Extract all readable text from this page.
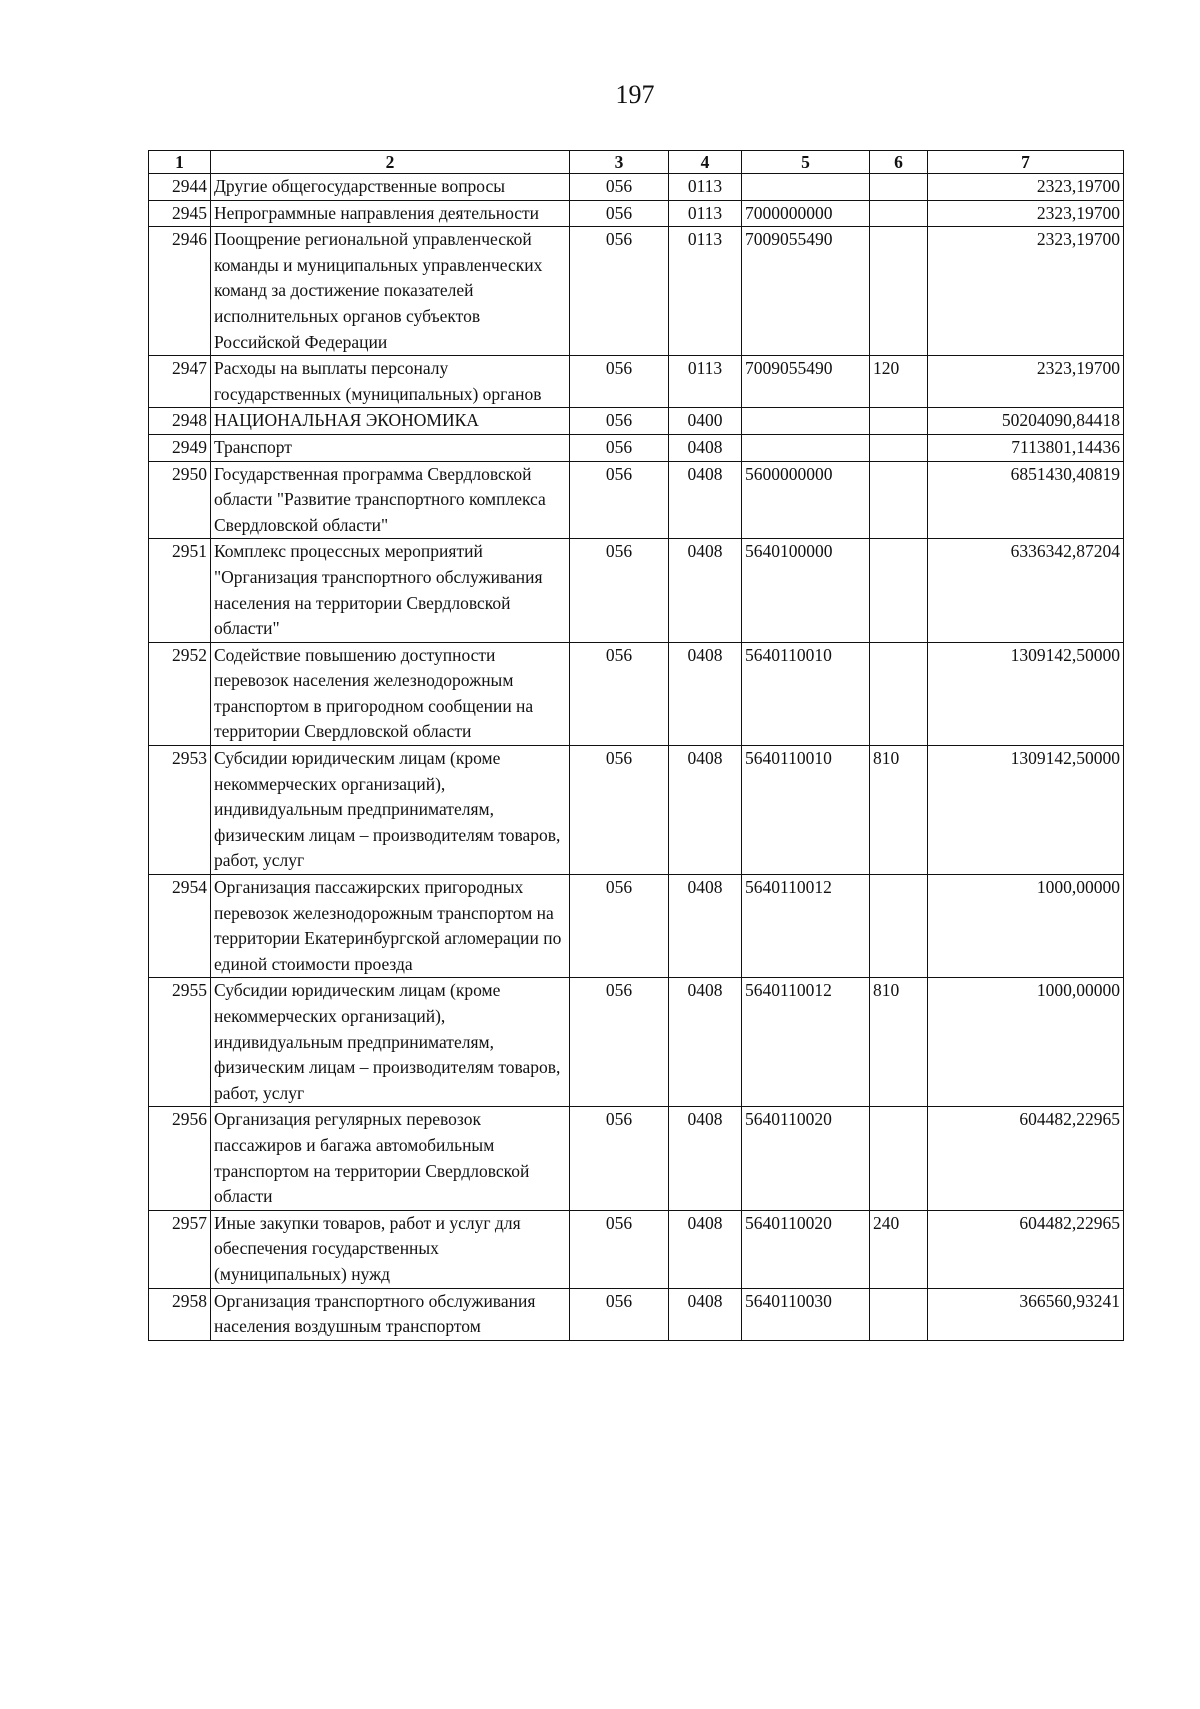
197
1	2	3	4	5	6	7
2944	Другие общегосударственные вопросы	056	0113			2323,19700
2945	Непрограммные направления деятельности	056	0113	7000000000		2323,19700
2946	Поощрение региональной управленческой команды и муниципальных управленческих команд за достижение показателей исполнительных органов субъектов Российской Федерации	056	0113	7009055490		2323,19700
2947	Расходы на выплаты персоналу государственных (муниципальных) органов	056	0113	7009055490	120	2323,19700
2948	НАЦИОНАЛЬНАЯ ЭКОНОМИКА	056	0400			50204090,84418
2949	Транспорт	056	0408			7113801,14436
2950	Государственная программа Свердловской области "Развитие транспортного комплекса Свердловской области"	056	0408	5600000000		6851430,40819
2951	Комплекс процессных мероприятий "Организация транспортного обслуживания населения на территории Свердловской области"	056	0408	5640100000		6336342,87204
2952	Содействие повышению доступности перевозок населения железнодорожным транспортом в пригородном сообщении на территории Свердловской области	056	0408	5640110010		1309142,50000
2953	Субсидии юридическим лицам (кроме некоммерческих организаций), индивидуальным предпринимателям, физическим лицам – производителям товаров, работ, услуг	056	0408	5640110010	810	1309142,50000
2954	Организация пассажирских пригородных перевозок железнодорожным транспортом на территории Екатеринбургской агломерации по единой стоимости проезда	056	0408	5640110012		1000,00000
2955	Субсидии юридическим лицам (кроме некоммерческих организаций), индивидуальным предпринимателям, физическим лицам – производителям товаров, работ, услуг	056	0408	5640110012	810	1000,00000
2956	Организация регулярных перевозок пассажиров и багажа автомобильным транспортом на территории Свердловской области	056	0408	5640110020		604482,22965
2957	Иные закупки товаров, работ и услуг для обеспечения государственных (муниципальных) нужд	056	0408	5640110020	240	604482,22965
2958	Организация транспортного обслуживания населения воздушным транспортом	056	0408	5640110030		366560,93241
